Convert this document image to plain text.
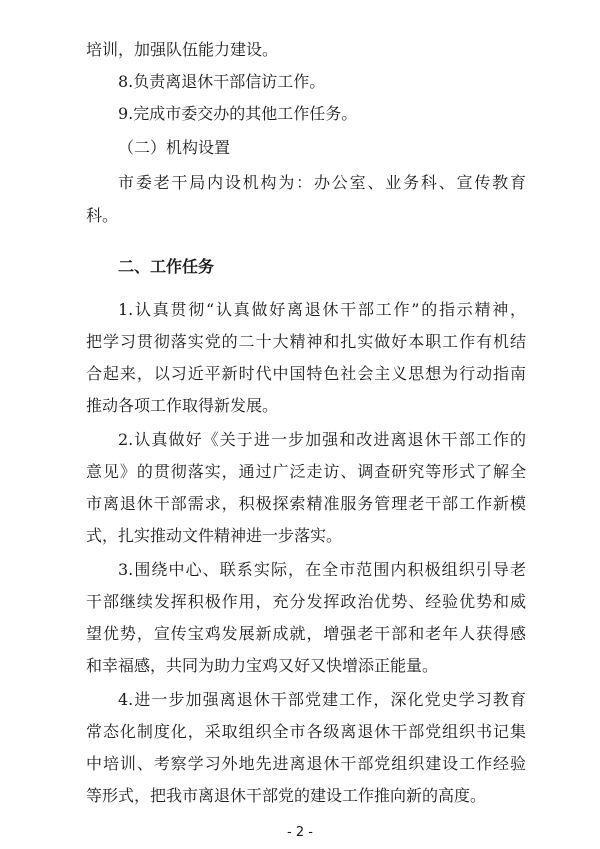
培训，加强队伍能力建设。
8.负责离退休干部信访工作。
9.完成市委交办的其他工作任务。
（二）机构设置
市委老干局内设机构为：办公室、业务科、宣传教育
科。
二、工作任务
1.认真贯彻“认真做好离退休干部工作”的指示精神，
把学习贯彻落实党的二十大精神和扎实做好本职工作有机结
合起来，以习近平新时代中国特色社会主义思想为行动指南
推动各项工作取得新发展。
2.认真做好《关于进一步加强和改进离退休干部工作的
意见》的贯彻落实，通过广泛走访、调查研究等形式了解全
市离退休干部需求，积极探索精准服务管理老干部工作新模
式，扎实推动文件精神进一步落实。
3.围绕中心、联系实际，在全市范围内积极组织引导老
干部继续发挥积极作用，充分发挥政治优势、经验优势和威
望优势，宣传宝鸡发展新成就，增强老干部和老年人获得感
和幸福感，共同为助力宝鸡又好又快增添正能量。
4.进一步加强离退休干部党建工作，深化党史学习教育
常态化制度化，采取组织全市各级离退休干部党组织书记集
中培训、考察学习外地先进离退休干部党组织建设工作经验
等形式，把我市离退休干部党的建设工作推向新的高度。
- 2 -
